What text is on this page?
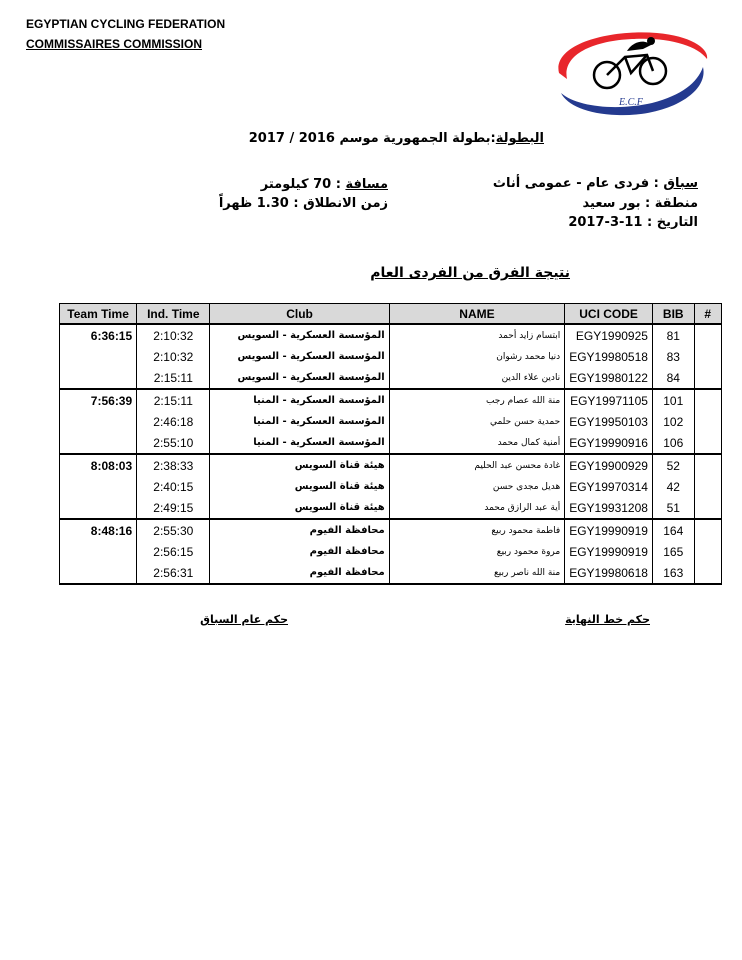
EGYPTIAN CYCLING FEDERATION
COMMISSAIRES COMMISSION
E.C.F
البطولة:بطولة الجمهورية موسم 2016 / 2017
سباق : فردى عام - عمومى أناث
منطقة : بور سعيد
التاريخ : 11-3-2017
مسافة : 70 كيلومتر
زمن الانطلاق : 1.30 ظهراً
نتيجة الفرق من الفردى العام
Team Time	Ind. Time	Club	NAME	UCI CODE	BIB	#
6:36:15	2:10:32	المؤسسة العسكرية - السويس	ابتسام زايد أحمد	EGY1990925	81	
	2:10:32	المؤسسة العسكرية - السويس	دنيا محمد رشوان	EGY19980518	83	
	2:15:11	المؤسسة العسكرية - السويس	نادين علاء الدين	EGY19980122	84	
7:56:39	2:15:11	المؤسسة العسكرية - المنيا	منة الله عصام رجب	EGY19971105	101	
	2:46:18	المؤسسة العسكرية - المنيا	حمدية حسن حلمي	EGY19950103	102	
	2:55:10	المؤسسة العسكرية - المنيا	أمنية كمال محمد	EGY19990916	106	
8:08:03	2:38:33	هيئة قناة السويس	غادة محسن عبد الحليم	EGY19900929	52	
	2:40:15	هيئة قناة السويس	هديل مجدى حسن	EGY19970314	42	
	2:49:15	هيئة قناة السويس	أية عبد الرازق محمد	EGY19931208	51	
8:48:16	2:55:30	محافظة الفيوم	فاطمة محمود ربيع	EGY19990919	164	
	2:56:15	محافظة الفيوم	مروة محمود ربيع	EGY19990919	165	
	2:56:31	محافظة الفيوم	منة الله ناصر ربيع	EGY19980618	163	
حكم خط النهاية
حكم عام السباق
